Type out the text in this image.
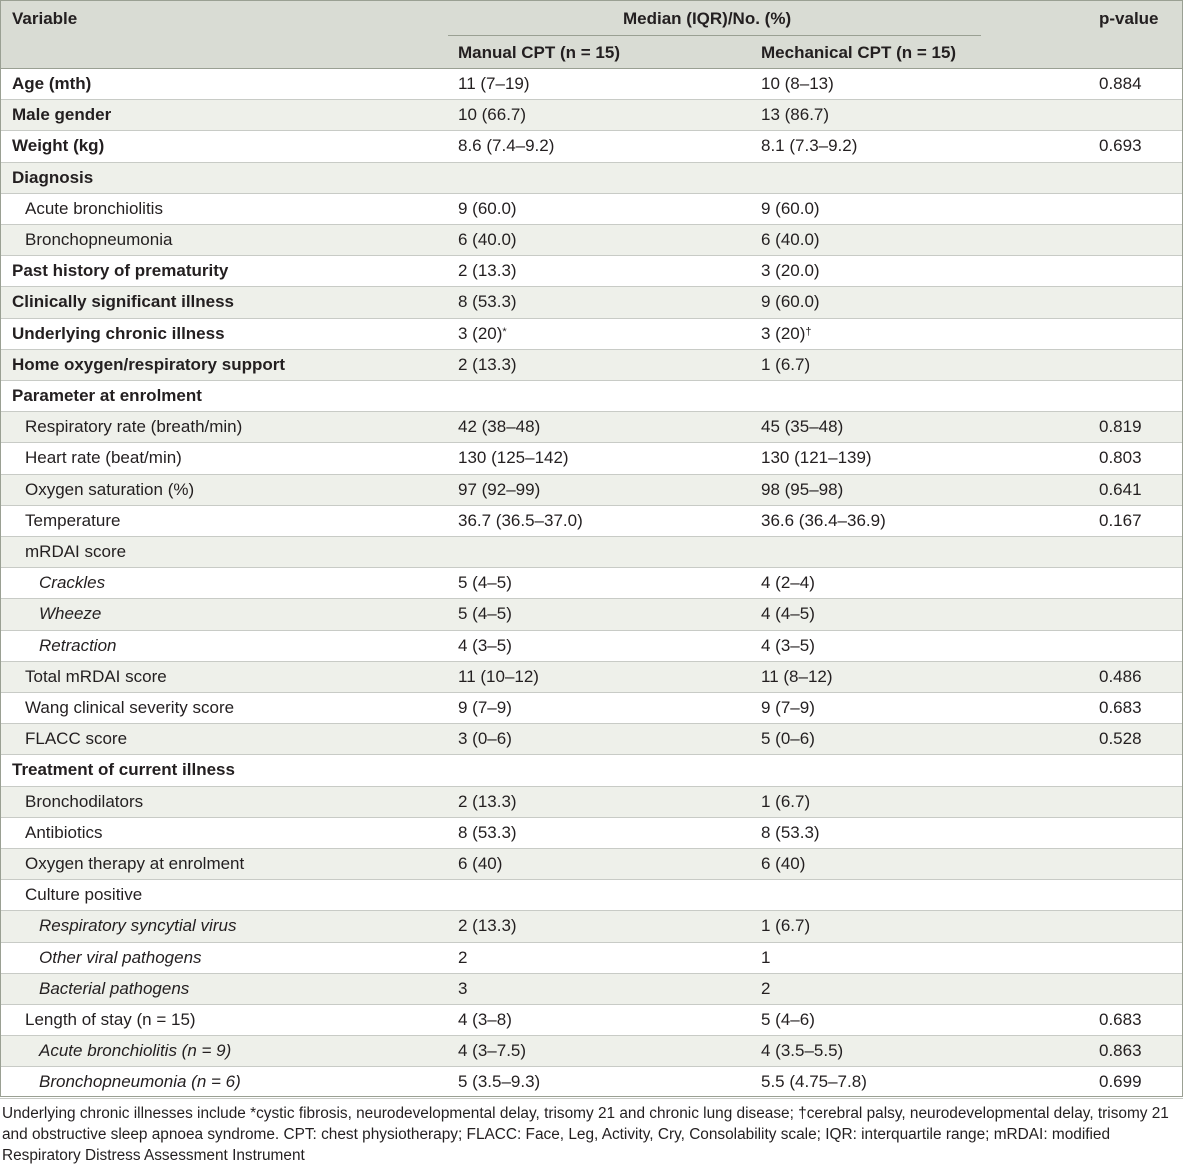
Variable	Median (IQR)/No. (%)	p-value
Manual CPT (n = 15)	Mechanical CPT (n = 15)
Age (mth)	11 (7–19)	10 (8–13)	0.884
Male gender	10 (66.7)	13 (86.7)
Weight (kg)	8.6 (7.4–9.2)	8.1 (7.3–9.2)	0.693
Diagnosis
Acute bronchiolitis	9 (60.0)	9 (60.0)
Bronchopneumonia	6 (40.0)	6 (40.0)
Past history of prematurity	2 (13.3)	3 (20.0)
Clinically significant illness	8 (53.3)	9 (60.0)
Underlying chronic illness	3 (20)*	3 (20)†
Home oxygen/respiratory support	2 (13.3)	1 (6.7)
Parameter at enrolment
Respiratory rate (breath/min)	42 (38–48)	45 (35–48)	0.819
Heart rate (beat/min)	130 (125–142)	130 (121–139)	0.803
Oxygen saturation (%)	97 (92–99)	98 (95–98)	0.641
Temperature	36.7 (36.5–37.0)	36.6 (36.4–36.9)	0.167
mRDAI score
Crackles	5 (4–5)	4 (2–4)
Wheeze	5 (4–5)	4 (4–5)
Retraction	4 (3–5)	4 (3–5)
Total mRDAI score	11 (10–12)	11 (8–12)	0.486
Wang clinical severity score	9 (7–9)	9 (7–9)	0.683
FLACC score	3 (0–6)	5 (0–6)	0.528
Treatment of current illness
Bronchodilators	2 (13.3)	1 (6.7)
Antibiotics	8 (53.3)	8 (53.3)
Oxygen therapy at enrolment	6 (40)	6 (40)
Culture positive
Respiratory syncytial virus	2 (13.3)	1 (6.7)
Other viral pathogens	2	1
Bacterial pathogens	3	2
Length of stay (n = 15)	4 (3–8)	5 (4–6)	0.683
Acute bronchiolitis (n = 9)	4 (3–7.5)	4 (3.5–5.5)	0.863
Bronchopneumonia (n = 6)	5 (3.5–9.3)	5.5 (4.75–7.8)	0.699
Underlying chronic illnesses include *cystic fibrosis, neurodevelopmental delay, trisomy 21 and chronic lung disease; †cerebral palsy, neurodevelopmental delay, trisomy 21 and obstructive sleep apnoea syndrome. CPT: chest physiotherapy; FLACC: Face, Leg, Activity, Cry, Consolability scale; IQR: interquartile range; mRDAI: modified Respiratory Distress Assessment Instrument
